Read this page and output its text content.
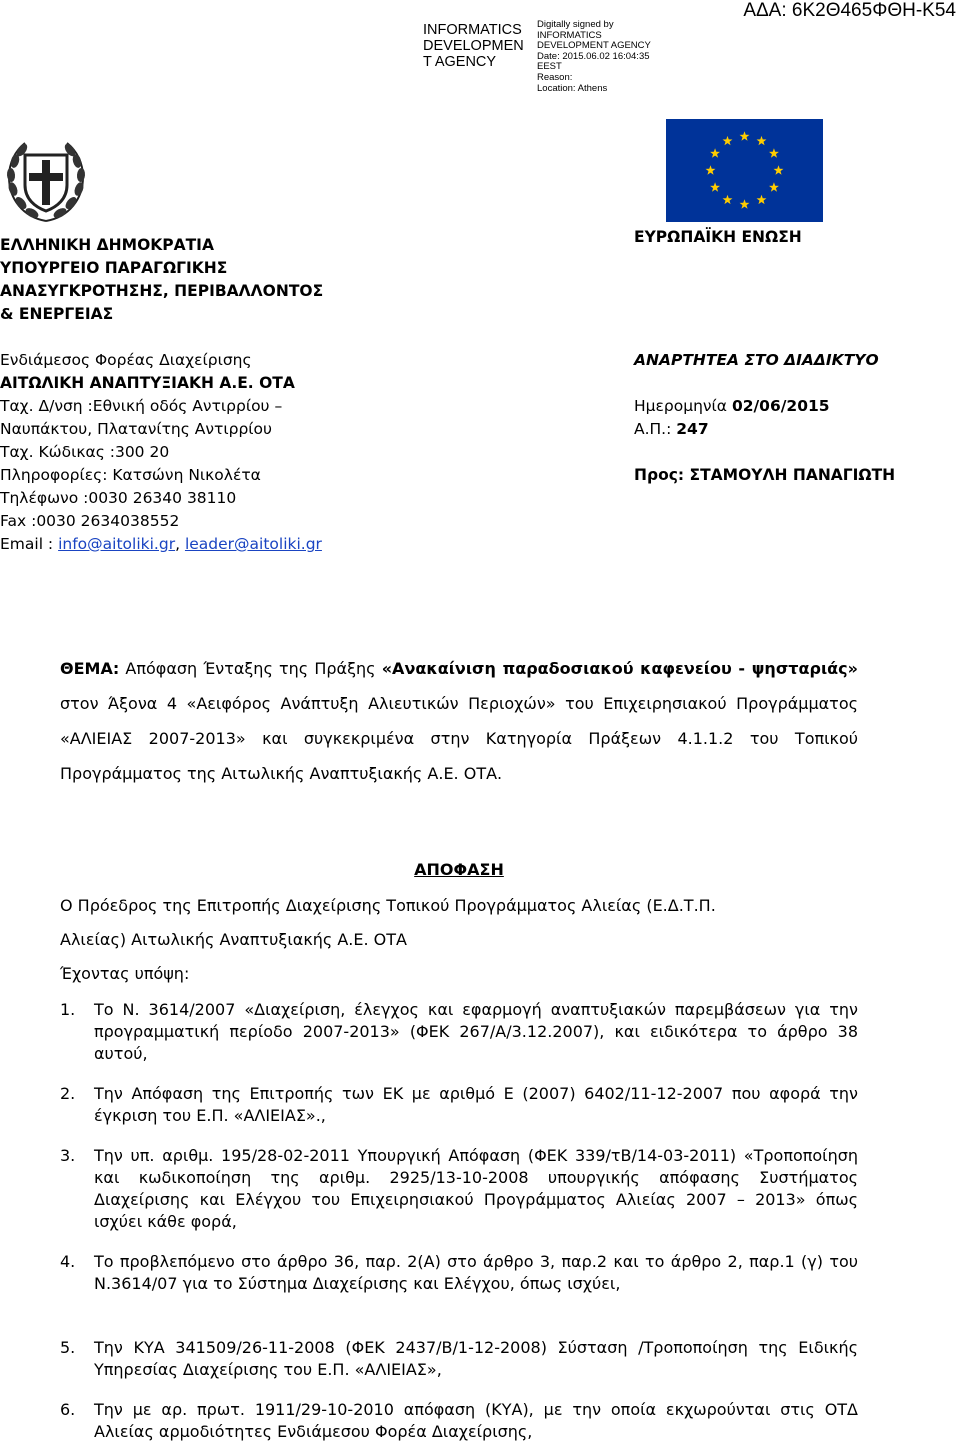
INFORMATICS DEVELOPMEN T AGENCY
Digitally signed by
INFORMATICS
DEVELOPMENT AGENCY
Date: 2015.06.02 16:04:35
EEST
Reason:
Location: Athens
ΑΔΑ: 6Κ2Θ465ΦΘΗ-Κ54
ΕΛΛΗΝΙΚΗ ΔΗΜΟΚΡΑΤΙΑ
ΥΠΟΥΡΓΕΙΟ ΠΑΡΑΓΩΓΙΚΗΣ
ΑΝΑΣΥΓΚΡΟΤΗΣΗΣ, ΠΕΡΙΒΑΛΛΟΝΤΟΣ
& ΕΝΕΡΓΕΙΑΣ
Ενδιάμεσος Φορέας Διαχείρισης
ΑΙΤΩΛΙΚΗ ΑΝΑΠΤΥΞΙΑΚΗ Α.Ε. ΟΤΑ
Ταχ. Δ/νση :Εθνική οδός Αντιρρίου –
Ναυπάκτου, Πλατανίτης Αντιρρίου
Ταχ. Κώδικας :300 20
Πληροφορίες: Κατσώνη Νικολέτα
Τηλέφωνο :0030 26340 38110
Fax :0030 2634038552
Email : info@aitoliki.gr, leader@aitoliki.gr
ΕΥΡΩΠΑΪΚΗ ΕΝΩΣΗ
ΑΝΑΡΤΗΤΕΑ ΣΤΟ ΔΙΑΔΙΚΤΥΟ
Ημερομηνία 02/06/2015
Α.Π.: 247
Προς: ΣΤΑΜΟΥΛΗ ΠΑΝΑΓΙΩΤΗ
ΘΕΜΑ: Απόφαση Ένταξης της Πράξης «Ανακαίνιση παραδοσιακού καφενείου - ψησταριάς» στον Άξονα 4 «Αειφόρος Ανάπτυξη Αλιευτικών Περιοχών» του Επιχειρησιακού Προγράμματος «ΑΛΙΕΙΑΣ 2007-2013» και συγκεκριμένα στην Κατηγορία Πράξεων 4.1.1.2 του Τοπικού Προγράμματος της Αιτωλικής Αναπτυξιακής Α.Ε. ΟΤΑ.
ΑΠΟΦΑΣΗ
Ο Πρόεδρος της Επιτροπής Διαχείρισης Τοπικού Προγράμματος Αλιείας (Ε.Δ.Τ.Π.
Αλιείας) Αιτωλικής Αναπτυξιακής Α.Ε. ΟΤΑ
Έχοντας υπόψη:
1. Το Ν. 3614/2007 «Διαχείριση, έλεγχος και εφαρμογή αναπτυξιακών παρεμβάσεων για την προγραμματική περίοδο 2007-2013» (ΦΕΚ 267/Α/3.12.2007), και ειδικότερα το άρθρο 38 αυτού,
2. Την Απόφαση της Επιτροπής των ΕΚ με αριθμό Ε (2007) 6402/11-12-2007 που αφορά την έγκριση του Ε.Π. «ΑΛΙΕΙΑΣ».,
3. Την υπ. αριθμ. 195/28-02-2011 Υπουργική Απόφαση (ΦΕΚ 339/τΒ/14-03-2011) «Τροποποίηση και κωδικοποίηση της αριθμ. 2925/13-10-2008 υπουργικής απόφασης Συστήματος Διαχείρισης και Ελέγχου του Επιχειρησιακού Προγράμματος Αλιείας 2007 – 2013» όπως ισχύει κάθε φορά,
4. Το προβλεπόμενο στο άρθρο 36, παρ. 2(Α) στο άρθρο 3, παρ.2 και το άρθρο 2, παρ.1 (γ) του Ν.3614/07 για το Σύστημα Διαχείρισης και Ελέγχου, όπως ισχύει,
5. Την ΚΥΑ 341509/26-11-2008 (ΦΕΚ 2437/Β/1-12-2008) Σύσταση /Τροποποίηση της Ειδικής Υπηρεσίας Διαχείρισης του Ε.Π. «ΑΛΙΕΙΑΣ»,
6. Την με αρ. πρωτ. 1911/29-10-2010 απόφαση (ΚΥΑ), με την οποία εκχωρούνται στις ΟΤΔ Αλιείας αρμοδιότητες Ενδιάμεσου Φορέα Διαχείρισης,
